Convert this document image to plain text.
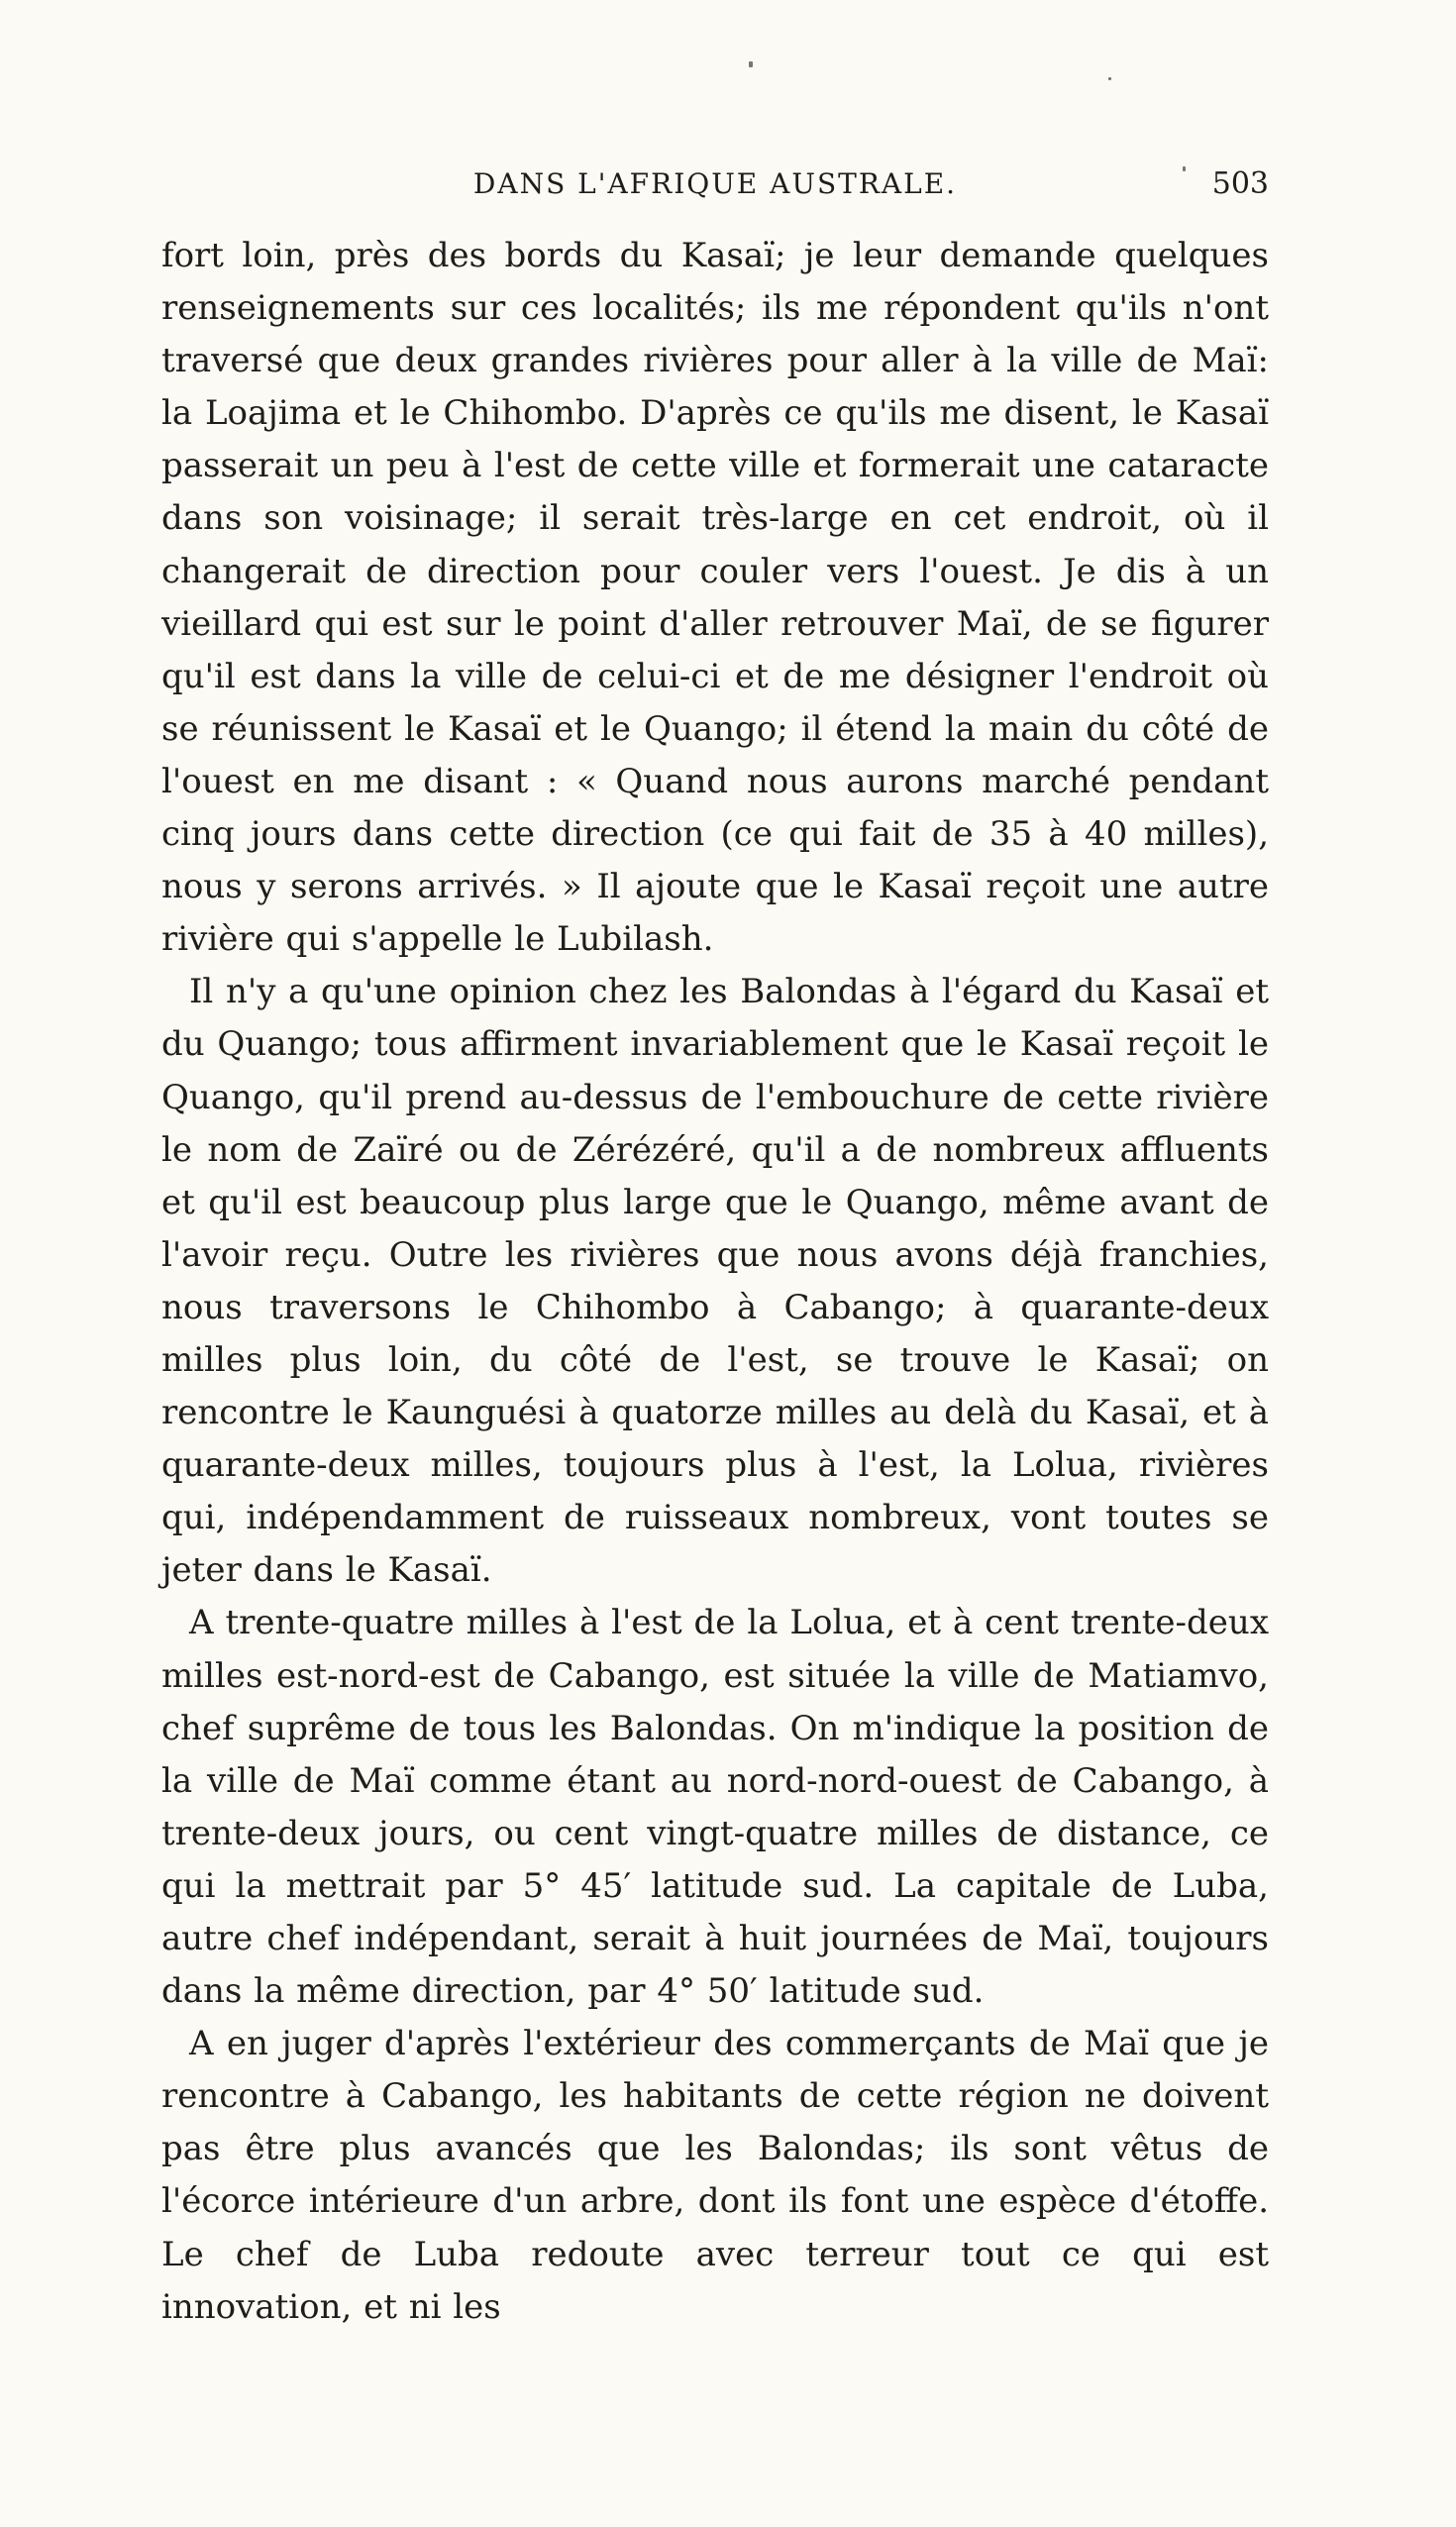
DANS L'AFRIQUE AUSTRALE.	503

fort loin, près des bords du Kasaï; je leur demande quelques renseignements sur ces localités; ils me répondent qu'ils n'ont traversé que deux grandes rivières pour aller à la ville de Maï: la Loajima et le Chihombo. D'après ce qu'ils me disent, le Kasaï passerait un peu à l'est de cette ville et formerait une cataracte dans son voisinage; il serait très-large en cet endroit, où il changerait de direction pour couler vers l'ouest. Je dis à un vieillard qui est sur le point d'aller retrouver Maï, de se figurer qu'il est dans la ville de celui-ci et de me désigner l'endroit où se réunissent le Kasaï et le Quango; il étend la main du côté de l'ouest en me disant : « Quand nous aurons marché pendant cinq jours dans cette direction (ce qui fait de 35 à 40 milles), nous y serons arrivés. » Il ajoute que le Kasaï reçoit une autre rivière qui s'appelle le Lubilash.

Il n'y a qu'une opinion chez les Balondas à l'égard du Kasaï et du Quango; tous affirment invariablement que le Kasaï reçoit le Quango, qu'il prend au-dessus de l'embouchure de cette rivière le nom de Zaïré ou de Zérézéré, qu'il a de nombreux affluents et qu'il est beaucoup plus large que le Quango, même avant de l'avoir reçu. Outre les rivières que nous avons déjà franchies, nous traversons le Chihombo à Cabango; à quarante-deux milles plus loin, du côté de l'est, se trouve le Kasaï; on rencontre le Kaunguési à quatorze milles au delà du Kasaï, et à quarante-deux milles, toujours plus à l'est, la Lolua, rivières qui, indépendamment de ruisseaux nombreux, vont toutes se jeter dans le Kasaï.

A trente-quatre milles à l'est de la Lolua, et à cent trente-deux milles est-nord-est de Cabango, est située la ville de Matiamvo, chef suprême de tous les Balondas. On m'indique la position de la ville de Maï comme étant au nord-nord-ouest de Cabango, à trente-deux jours, ou cent vingt-quatre milles de distance, ce qui la mettrait par 5° 45′ latitude sud. La capitale de Luba, autre chef indépendant, serait à huit journées de Maï, toujours dans la même direction, par 4° 50′ latitude sud.

A en juger d'après l'extérieur des commerçants de Maï que je rencontre à Cabango, les habitants de cette région ne doivent pas être plus avancés que les Balondas; ils sont vêtus de l'écorce intérieure d'un arbre, dont ils font une espèce d'étoffe. Le chef de Luba redoute avec terreur tout ce qui est innovation, et ni les
